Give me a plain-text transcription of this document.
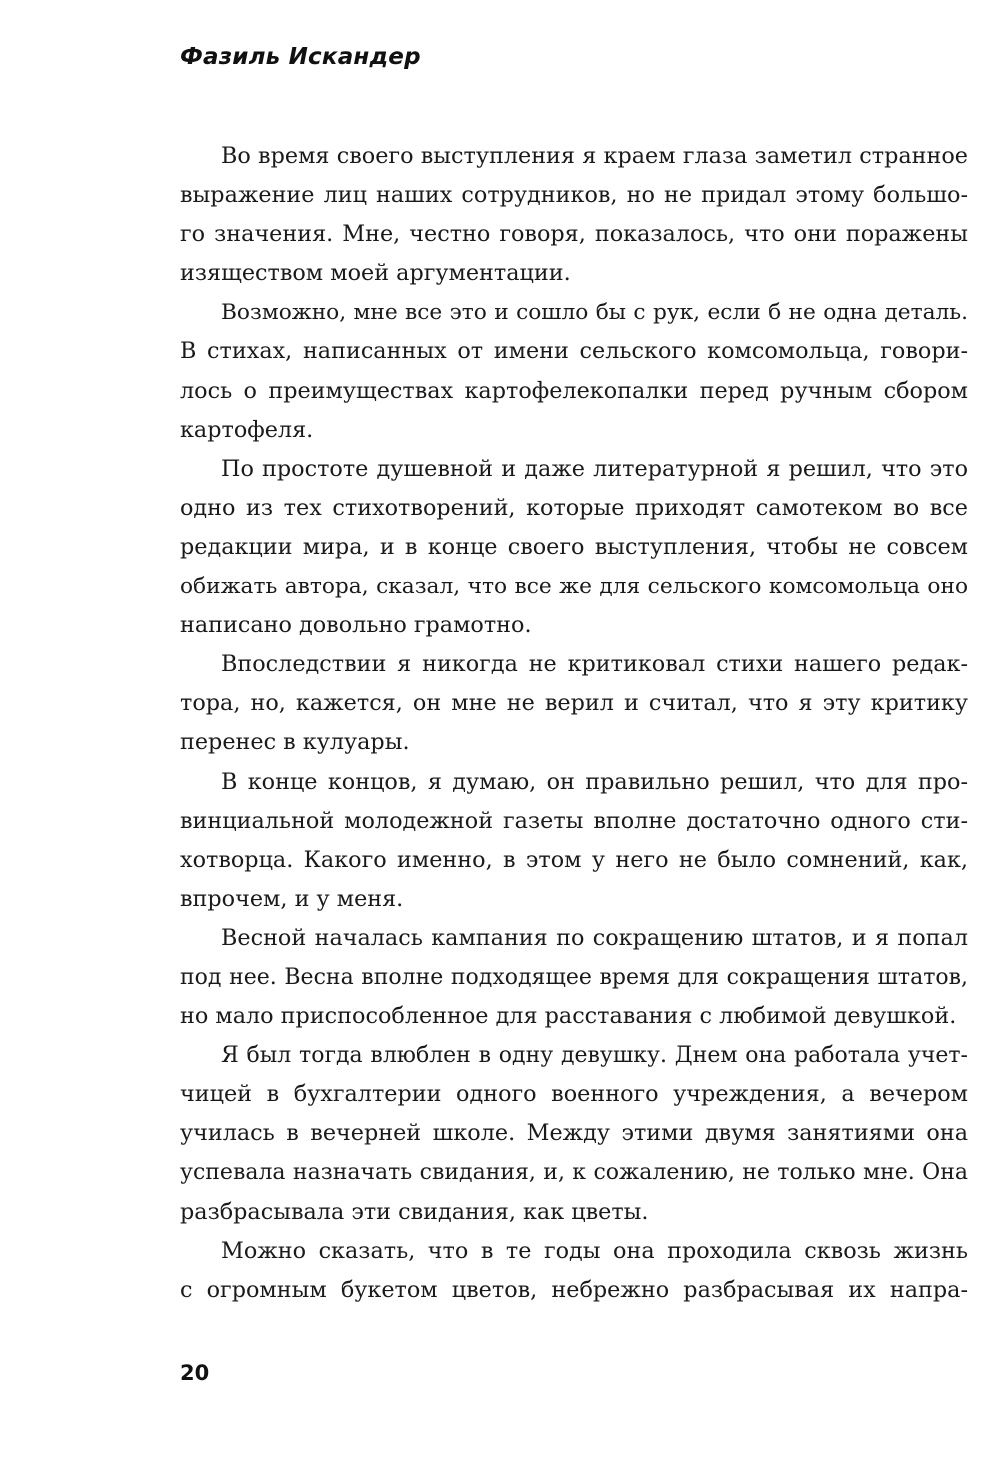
Фазиль Искандер
Во время своего выступления я краем глаза заметил странное
выражение лиц наших сотрудников, но не придал этому большо-
го значения. Мне, честно говоря, показалось, что они поражены
изяществом моей аргументации.
Возможно, мне все это и сошло бы с рук, если б не одна деталь.
В стихах, написанных от имени сельского комсомольца, говори-
лось о преимуществах картофелекопалки перед ручным сбором
картофеля.
По простоте душевной и даже литературной я решил, что это
одно из тех стихотворений, которые приходят самотеком во все
редакции мира, и в конце своего выступления, чтобы не совсем
обижать автора, сказал, что все же для сельского комсомольца оно
написано довольно грамотно.
Впоследствии я никогда не критиковал стихи нашего редак-
тора, но, кажется, он мне не верил и считал, что я эту критику
перенес в кулуары.
В конце концов, я думаю, он правильно решил, что для про-
винциальной молодежной газеты вполне достаточно одного сти-
хотворца. Какого именно, в этом у него не было сомнений, как,
впрочем, и у меня.
Весной началась кампания по сокращению штатов, и я попал
под нее. Весна вполне подходящее время для сокращения штатов,
но мало приспособленное для расставания с любимой девушкой.
Я был тогда влюблен в одну девушку. Днем она работала учет-
чицей в бухгалтерии одного военного учреждения, а вечером
училась в вечерней школе. Между этими двумя занятиями она
успевала назначать свидания, и, к сожалению, не только мне. Она
разбрасывала эти свидания, как цветы.
Можно сказать, что в те годы она проходила сквозь жизнь
с огромным букетом цветов, небрежно разбрасывая их напра-
20
